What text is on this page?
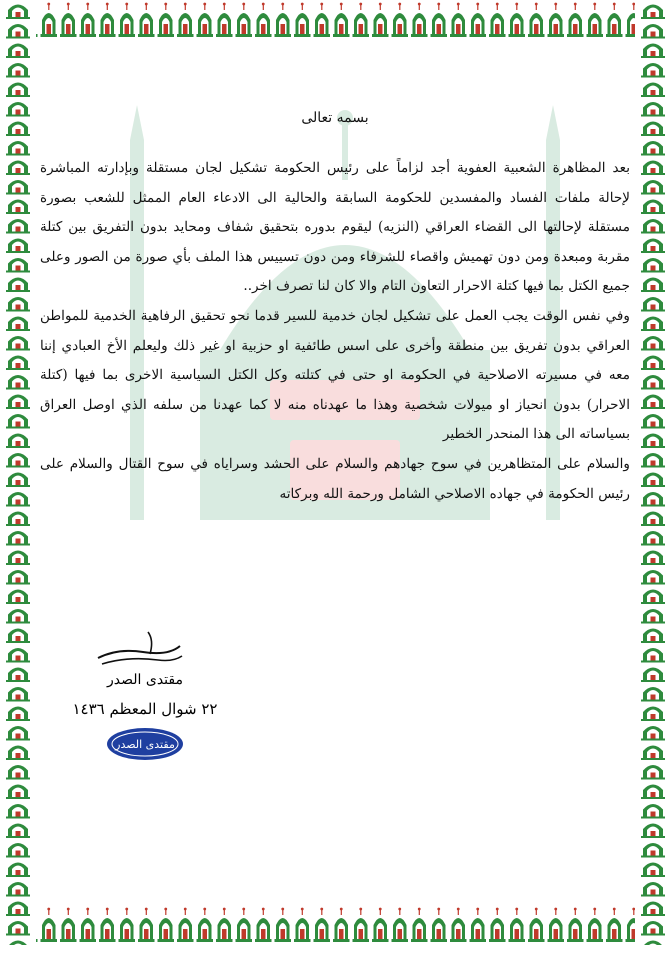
بسمه تعالى

بعد المظاهرة الشعبية العفوية أجد لزاماً على رئيس الحكومة تشكيل لجان مستقلة وبإدارته المباشرة لإحالة ملفات الفساد والمفسدين للحكومة السابقة والحالية الى الادعاء العام الممثل للشعب بصورة مستقلة لإحالتها الى القضاء العراقي (النزيه) ليقوم بدوره بتحقيق شفاف ومحايد بدون التفريق بين كتلة مقربة ومبعدة ومن دون تهميش واقصاء للشرفاء ومن دون تسييس هذا الملف بأي صورة من الصور وعلى جميع الكتل بما فيها كتلة الاحرار التعاون التام والا كان لنا تصرف اخر..

وفي نفس الوقت يجب العمل على تشكيل لجان خدمية للسير قدما نحو تحقيق الرفاهية الخدمية للمواطن العراقي بدون تفريق بين منطقة وأخرى على اسس طائفية او حزبية او غير ذلك وليعلم الأخ العبادي إننا معه في مسيرته الاصلاحية في الحكومة او حتى في كتلته وكل الكتل السياسية الاخرى بما فيها (كتلة الاحرار) بدون انحياز او ميولات شخصية وهذا ما عهدناه منه لا كما عهدنا من سلفه الذي اوصل العراق بسياساته الى هذا المنحدر الخطير

والسلام على المتظاهرين في سوح جهادهم والسلام على الحشد وسراياه في سوح القتال والسلام على رئيس الحكومة في جهاده الاصلاحي الشامل ورحمة الله وبركاته

مقتدى الصدر
٢٢ شوال المعظم ١٤٣٦
مقتدى الصدر
